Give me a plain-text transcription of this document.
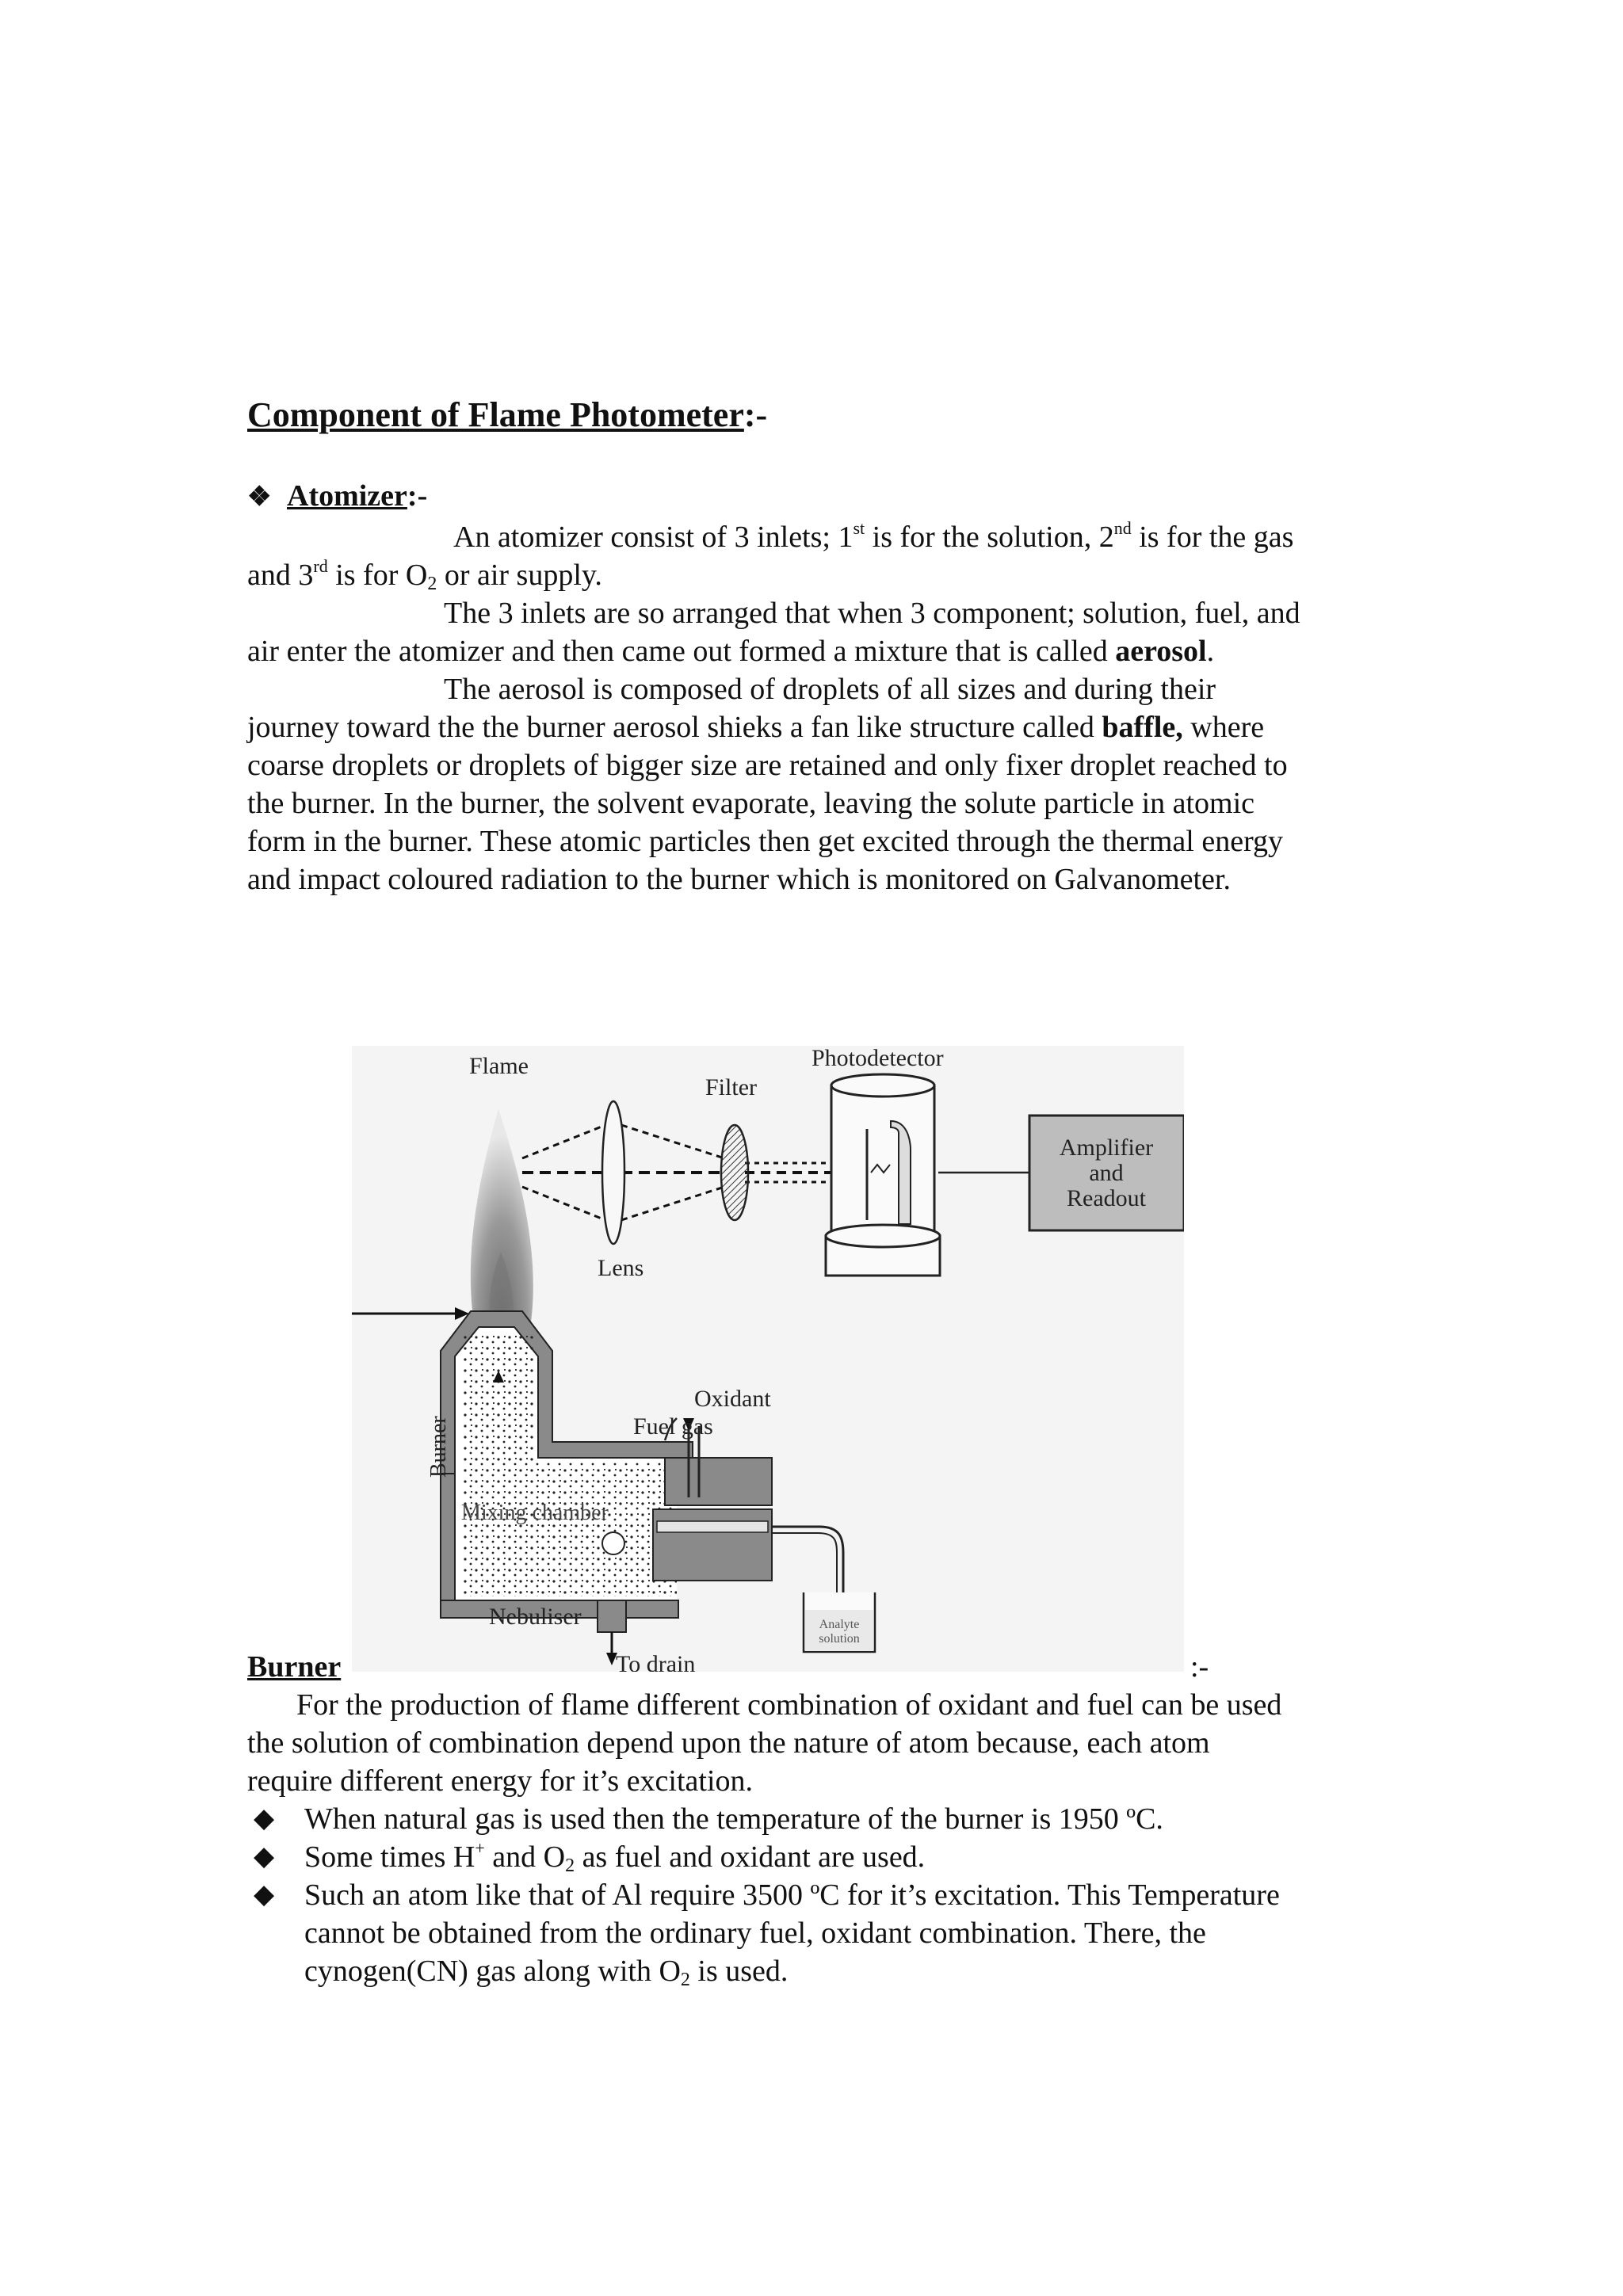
Component of Flame Photometer:-
❖ Atomizer:-
An atomizer consist of 3 inlets; 1st is for the solution, 2nd is for the gas
and 3rd is for $O_2$ or air supply.
The 3 inlets are so arranged that when 3 component; solution, fuel, and
air enter the atomizer and then came out formed a mixture that is called aerosol.
The aerosol is composed of droplets of all sizes and during their
journey toward the the burner aerosol shieks a fan like structure called baffle, where
coarse droplets or droplets of bigger size are retained and only fixer droplet reached to
the burner. In the burner, the solvent evaporate, leaving the solute particle in atomic
form in the burner. These atomic particles then get excited through the thermal energy
and impact coloured radiation to the burner which is monitored on Galvanometer.
Flame
Lens
Filter
Photodetector
Amplifier
and
Readout
Burner
Mixing chamber
Oxidant
Fuel gas
Analyte
solution
Nebuliser
To drain
Burner	:-
For the production of flame different combination of oxidant and fuel can be used
the solution of combination depend upon the nature of atom because, each atom
require different energy for it’s excitation.
◆ When natural gas is used then the temperature of the burner is 1950 ºC.
◆ Some times H+ and $O_2$ as fuel and oxidant are used.
◆ Such an atom like that of Al require 3500 ºC for it’s excitation. This Temperature
cannot be obtained from the ordinary fuel, oxidant combination. There, the
cynogen(CN) gas along with $O_2$ is used.
